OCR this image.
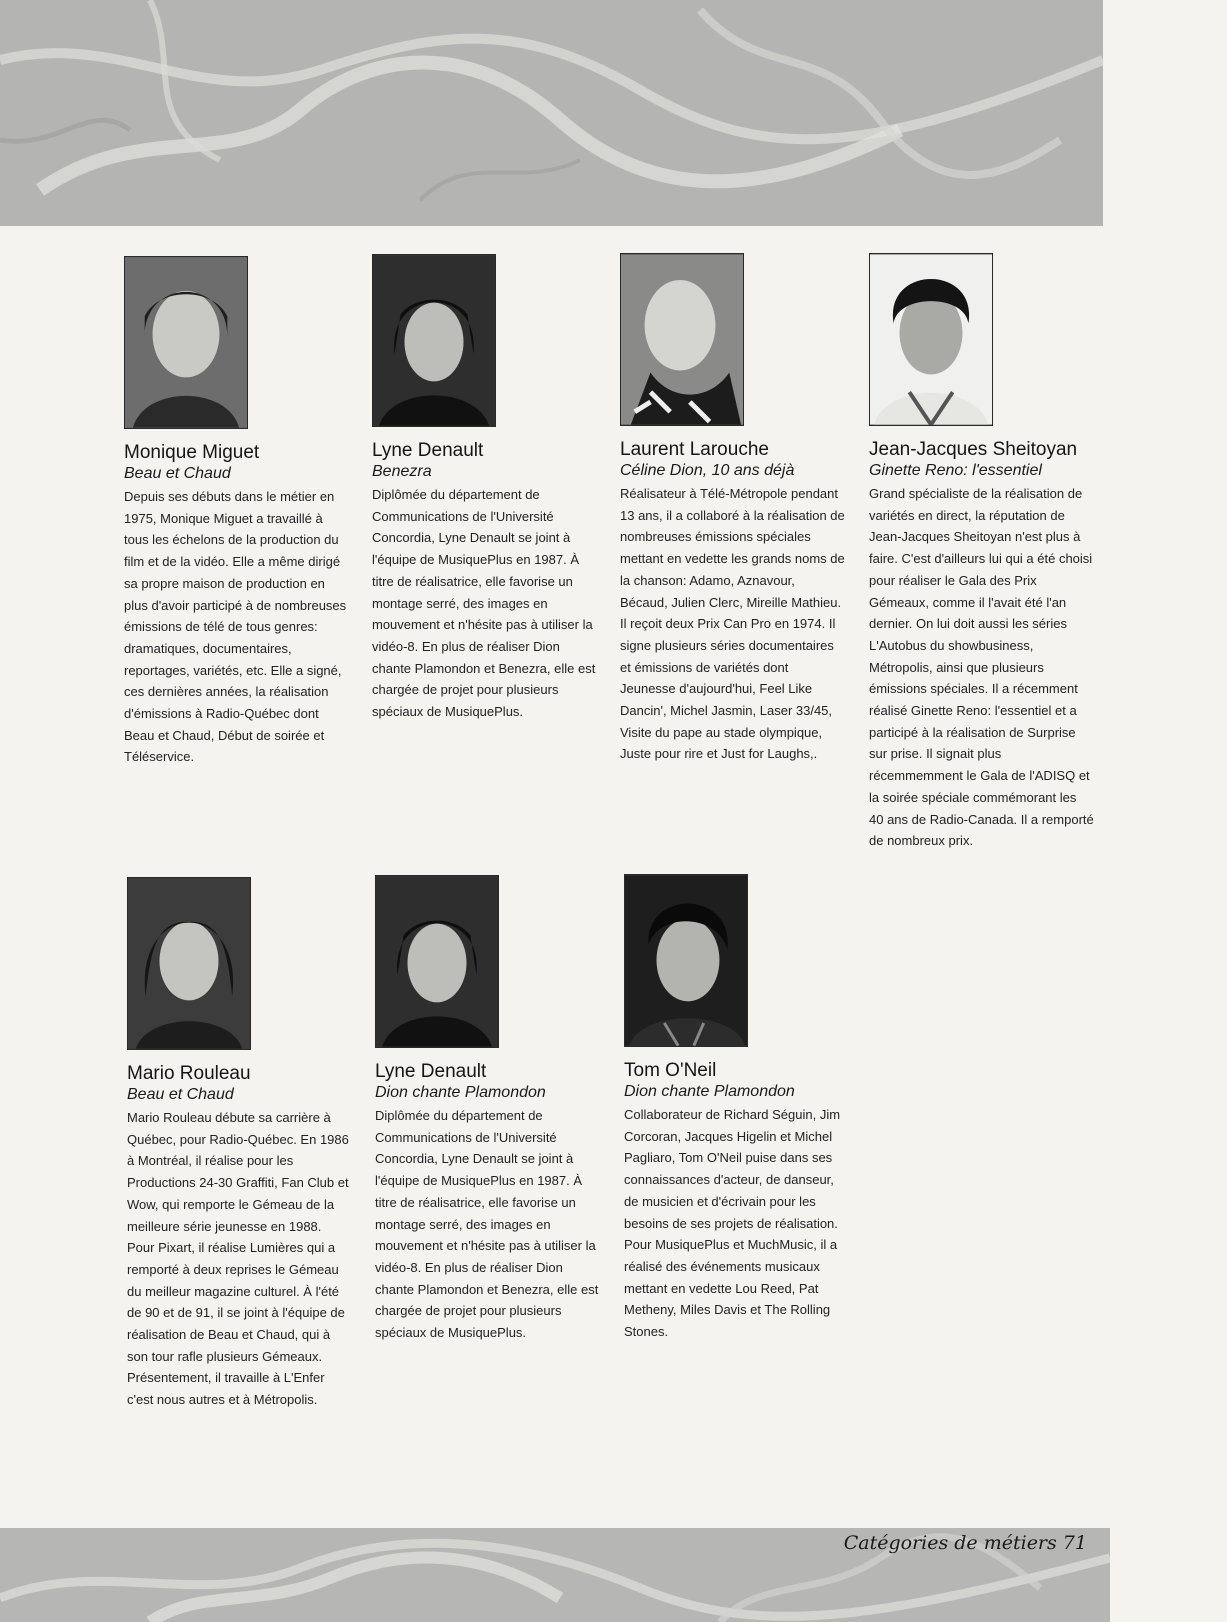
Monique Miguet
Beau et Chaud
Depuis ses débuts dans le métier en 1975, Monique Miguet a travaillé à tous les échelons de la production du film et de la vidéo. Elle a même dirigé sa propre maison de production en plus d'avoir participé à de nombreuses émissions de télé de tous genres: dramatiques, documentaires, reportages, variétés, etc. Elle a signé, ces dernières années, la réalisation d'émissions à Radio-Québec dont Beau et Chaud, Début de soirée et Téléservice.
Lyne Denault
Benezra
Diplômée du département de Communications de l'Université Concordia, Lyne Denault se joint à l'équipe de MusiquePlus en 1987. À titre de réalisatrice, elle favorise un montage serré, des images en mouvement et n'hésite pas à utiliser la vidéo-8. En plus de réaliser Dion chante Plamondon et Benezra, elle est chargée de projet pour plusieurs spéciaux de MusiquePlus.
Laurent Larouche
Céline Dion, 10 ans déjà
Réalisateur à Télé-Métropole pendant 13 ans, il a collaboré à la réalisation de nombreuses émissions spéciales mettant en vedette les grands noms de la chanson: Adamo, Aznavour, Bécaud, Julien Clerc, Mireille Mathieu. Il reçoit deux Prix Can Pro en 1974. Il signe plusieurs séries documentaires et émissions de variétés dont Jeunesse d'aujourd'hui, Feel Like Dancin', Michel Jasmin, Laser 33/45, Visite du pape au stade olympique, Juste pour rire et Just for Laughs,.
Jean-Jacques Sheitoyan
Ginette Reno: l'essentiel
Grand spécialiste de la réalisation de variétés en direct, la réputation de Jean-Jacques Sheitoyan n'est plus à faire. C'est d'ailleurs lui qui a été choisi pour réaliser le Gala des Prix Gémeaux, comme il l'avait été l'an dernier. On lui doit aussi les séries L'Autobus du showbusiness, Métropolis, ainsi que plusieurs émissions spéciales. Il a récemment réalisé Ginette Reno: l'essentiel et a participé à la réalisation de Surprise sur prise. Il signait plus récemmemment le Gala de l'ADISQ et la soirée spéciale commémorant les 40 ans de Radio-Canada. Il a remporté de nombreux prix.
Mario Rouleau
Beau et Chaud
Mario Rouleau débute sa carrière à Québec, pour Radio-Québec. En 1986 à Montréal, il réalise pour les Productions 24-30 Graffiti, Fan Club et Wow, qui remporte le Gémeau de la meilleure série jeunesse en 1988. Pour Pixart, il réalise Lumières qui a remporté à deux reprises le Gémeau du meilleur magazine culturel. À l'été de 90 et de 91, il se joint à l'équipe de réalisation de Beau et Chaud, qui à son tour rafle plusieurs Gémeaux. Présentement, il travaille à L'Enfer c'est nous autres et à Métropolis.
Lyne Denault
Dion chante Plamondon
Diplômée du département de Communications de l'Université Concordia, Lyne Denault se joint à l'équipe de MusiquePlus en 1987. À titre de réalisatrice, elle favorise un montage serré, des images en mouvement et n'hésite pas à utiliser la vidéo-8. En plus de réaliser Dion chante Plamondon et Benezra, elle est chargée de projet pour plusieurs spéciaux de MusiquePlus.
Tom O'Neil
Dion chante Plamondon
Collaborateur de Richard Séguin, Jim Corcoran, Jacques Higelin et Michel Pagliaro, Tom O'Neil puise dans ses connaissances d'acteur, de danseur, de musicien et d'écrivain pour les besoins de ses projets de réalisation. Pour MusiquePlus et MuchMusic, il a réalisé des événements musicaux mettant en vedette Lou Reed, Pat Metheny, Miles Davis et The Rolling Stones.
Catégories de métiers 71
